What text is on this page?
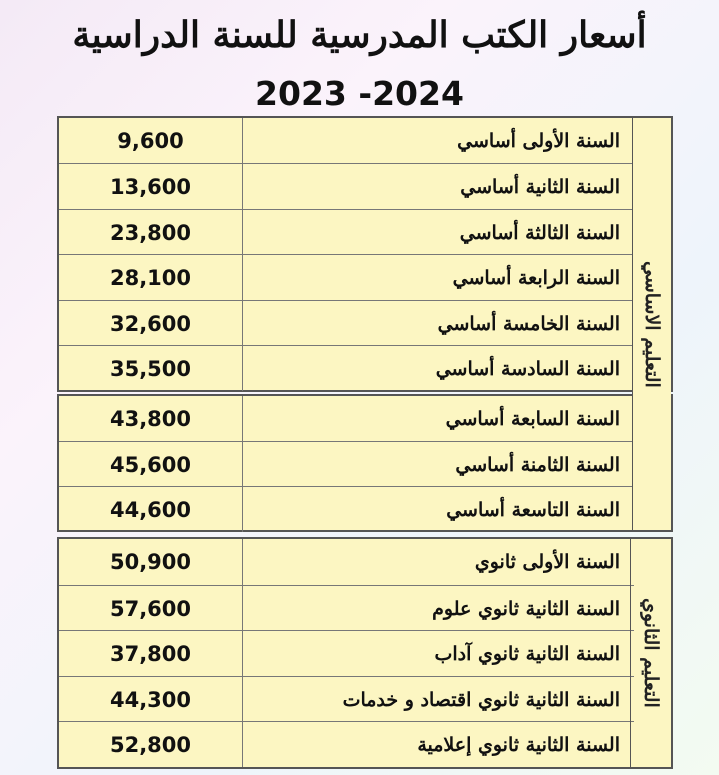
أسعار الكتب المدرسية للسنة الدراسية
2023 -2024
9,600	السنة الأولى أساسي
13,600	السنة الثانية أساسي
23,800	السنة الثالثة أساسي
28,100	السنة الرابعة أساسي
32,600	السنة الخامسة أساسي
35,500	السنة السادسة أساسي
43,800	السنة السابعة أساسي
45,600	السنة الثامنة أساسي
44,600	السنة التاسعة أساسي
التعليم الاساسي
50,900	السنة الأولى ثانوي
57,600	السنة الثانية ثانوي علوم
37,800	السنة الثانية ثانوي آداب
44,300	السنة الثانية ثانوي اقتصاد و خدمات
52,800	السنة الثانية ثانوي إعلامية
التعليم الثانوي
